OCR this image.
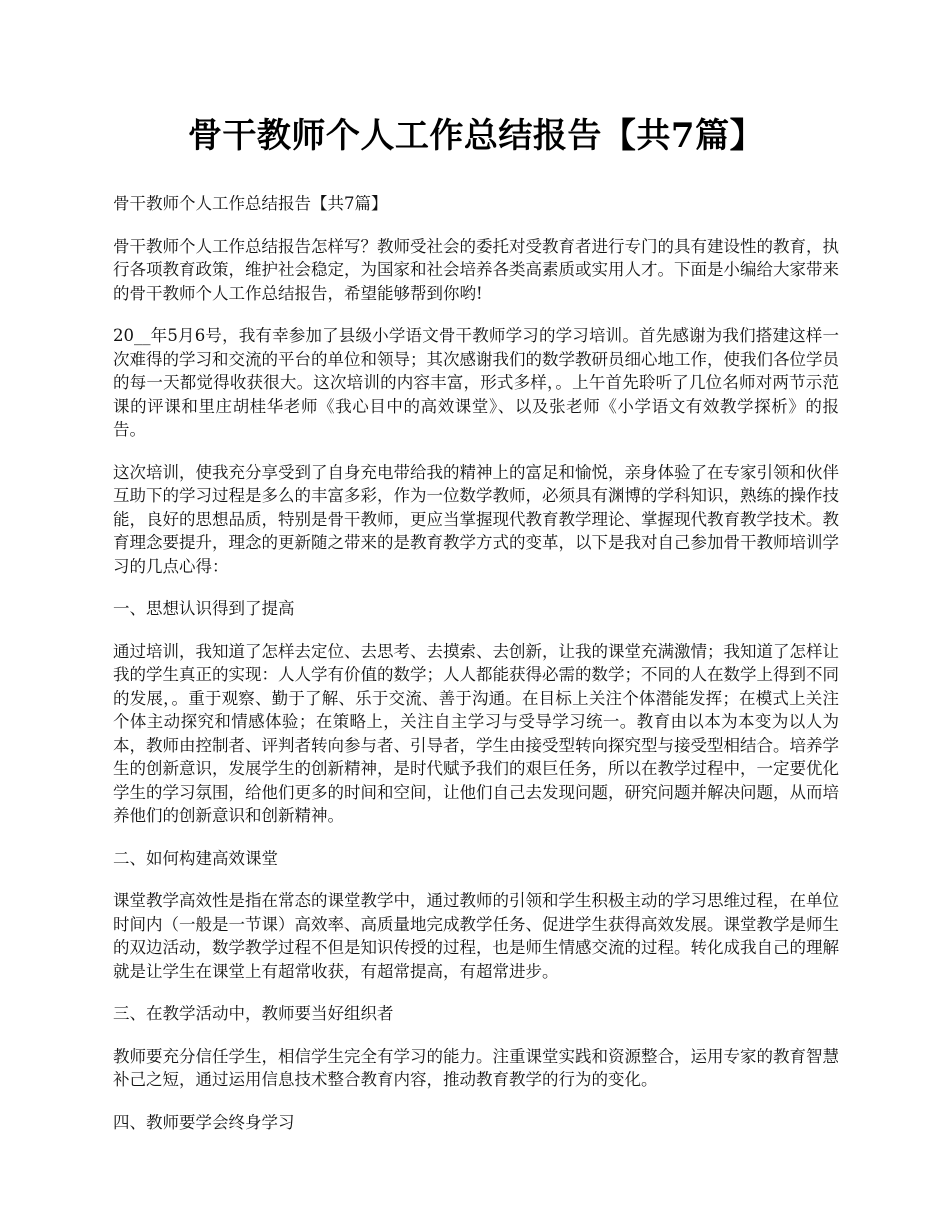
骨干教师个人工作总结报告【共7篇】

骨干教师个人工作总结报告【共7篇】

骨干教师个人工作总结报告怎样写？教师受社会的委托对受教育者进行专门的具有建设性的教育，执行各项教育政策，维护社会稳定，为国家和社会培养各类高素质或实用人才。下面是小编给大家带来的骨干教师个人工作总结报告，希望能够帮到你哟!

20__年5月6号，我有幸参加了县级小学语文骨干教师学习的学习培训。首先感谢为我们搭建这样一次难得的学习和交流的平台的单位和领导；其次感谢我们的数学教研员细心地工作，使我们各位学员的每一天都觉得收获很大。这次培训的内容丰富，形式多样，。上午首先聆听了几位名师对两节示范课的评课和里庄胡桂华老师《我心目中的高效课堂》、以及张老师《小学语文有效教学探析》的报告。

这次培训，使我充分享受到了自身充电带给我的精神上的富足和愉悦，亲身体验了在专家引领和伙伴互助下的学习过程是多么的丰富多彩，作为一位数学教师，必须具有渊博的学科知识，熟练的操作技能，良好的思想品质，特别是骨干教师，更应当掌握现代教育教学理论、掌握现代教育教学技术。教育理念要提升，理念的更新随之带来的是教育教学方式的变革，以下是我对自己参加骨干教师培训学习的几点心得：

一、思想认识得到了提高

通过培训，我知道了怎样去定位、去思考、去摸索、去创新，让我的课堂充满激情；我知道了怎样让我的学生真正的实现：人人学有价值的数学；人人都能获得必需的数学；不同的人在数学上得到不同的发展，。重于观察、勤于了解、乐于交流、善于沟通。在目标上关注个体潜能发挥；在模式上关注个体主动探究和情感体验；在策略上，关注自主学习与受导学习统一。教育由以本为本变为以人为本，教师由控制者、评判者转向参与者、引导者，学生由接受型转向探究型与接受型相结合。培养学生的创新意识，发展学生的创新精神，是时代赋予我们的艰巨任务，所以在教学过程中，一定要优化学生的学习氛围，给他们更多的时间和空间，让他们自己去发现问题，研究问题并解决问题，从而培养他们的创新意识和创新精神。

二、如何构建高效课堂

课堂教学高效性是指在常态的课堂教学中，通过教师的引领和学生积极主动的学习思维过程，在单位时间内（一般是一节课）高效率、高质量地完成教学任务、促进学生获得高效发展。课堂教学是师生的双边活动，数学教学过程不但是知识传授的过程，也是师生情感交流的过程。转化成我自己的理解就是让学生在课堂上有超常收获，有超常提高，有超常进步。

三、在教学活动中，教师要当好组织者

教师要充分信任学生，相信学生完全有学习的能力。注重课堂实践和资源整合，运用专家的教育智慧补己之短，通过运用信息技术整合教育内容，推动教育教学的行为的变化。

四、教师要学会终身学习
